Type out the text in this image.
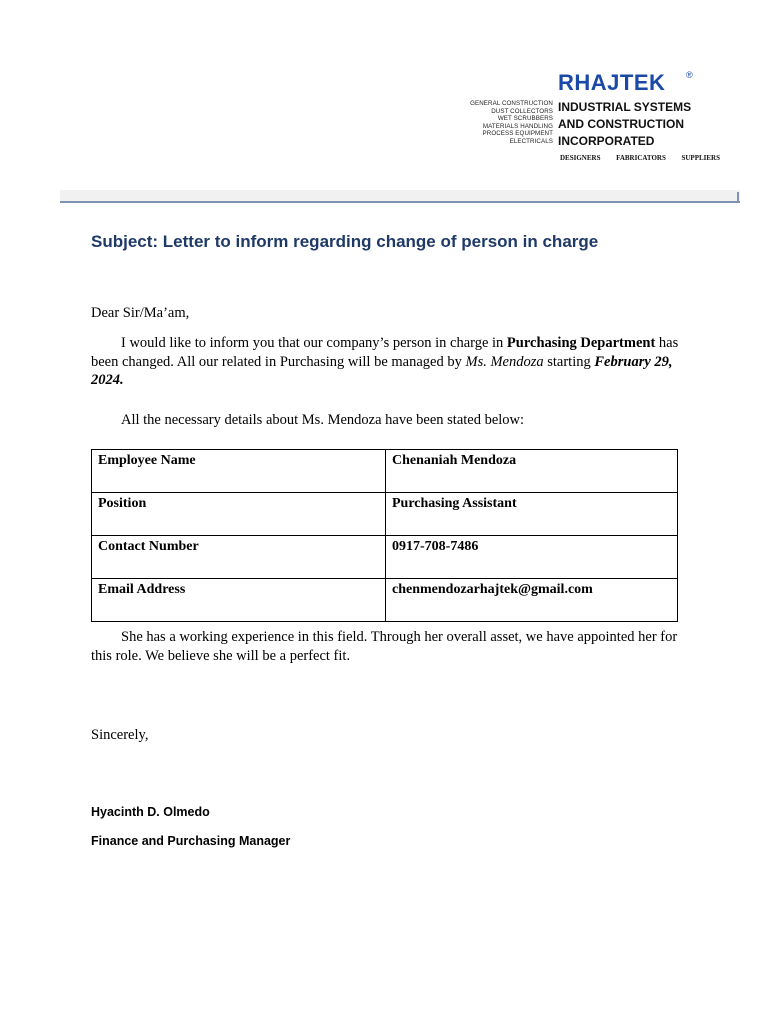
GENERAL CONSTRUCTION
DUST COLLECTORS
WET SCRUBBERS
MATERIALS HANDLING
PROCESS EQUIPMENT
ELECTRICALS
RHAJTEK ®
INDUSTRIAL SYSTEMS
AND CONSTRUCTION
INCORPORATED
DESIGNERS FABRICATORS SUPPLIERS
Subject: Letter to inform regarding change of person in charge
Dear Sir/Ma’am,
I would like to inform you that our company’s person in charge in Purchasing Department has been changed. All our related in Purchasing will be managed by Ms. Mendoza starting February 29, 2024.
All the necessary details about Ms. Mendoza have been stated below:
Employee Name	Chenaniah Mendoza
Position	Purchasing Assistant
Contact Number	0917-708-7486
Email Address	chenmendozarhajtek@gmail.com
She has a working experience in this field. Through her overall asset, we have appointed her for this role. We believe she will be a perfect fit.
Sincerely,
Hyacinth D. Olmedo
Finance and Purchasing Manager
